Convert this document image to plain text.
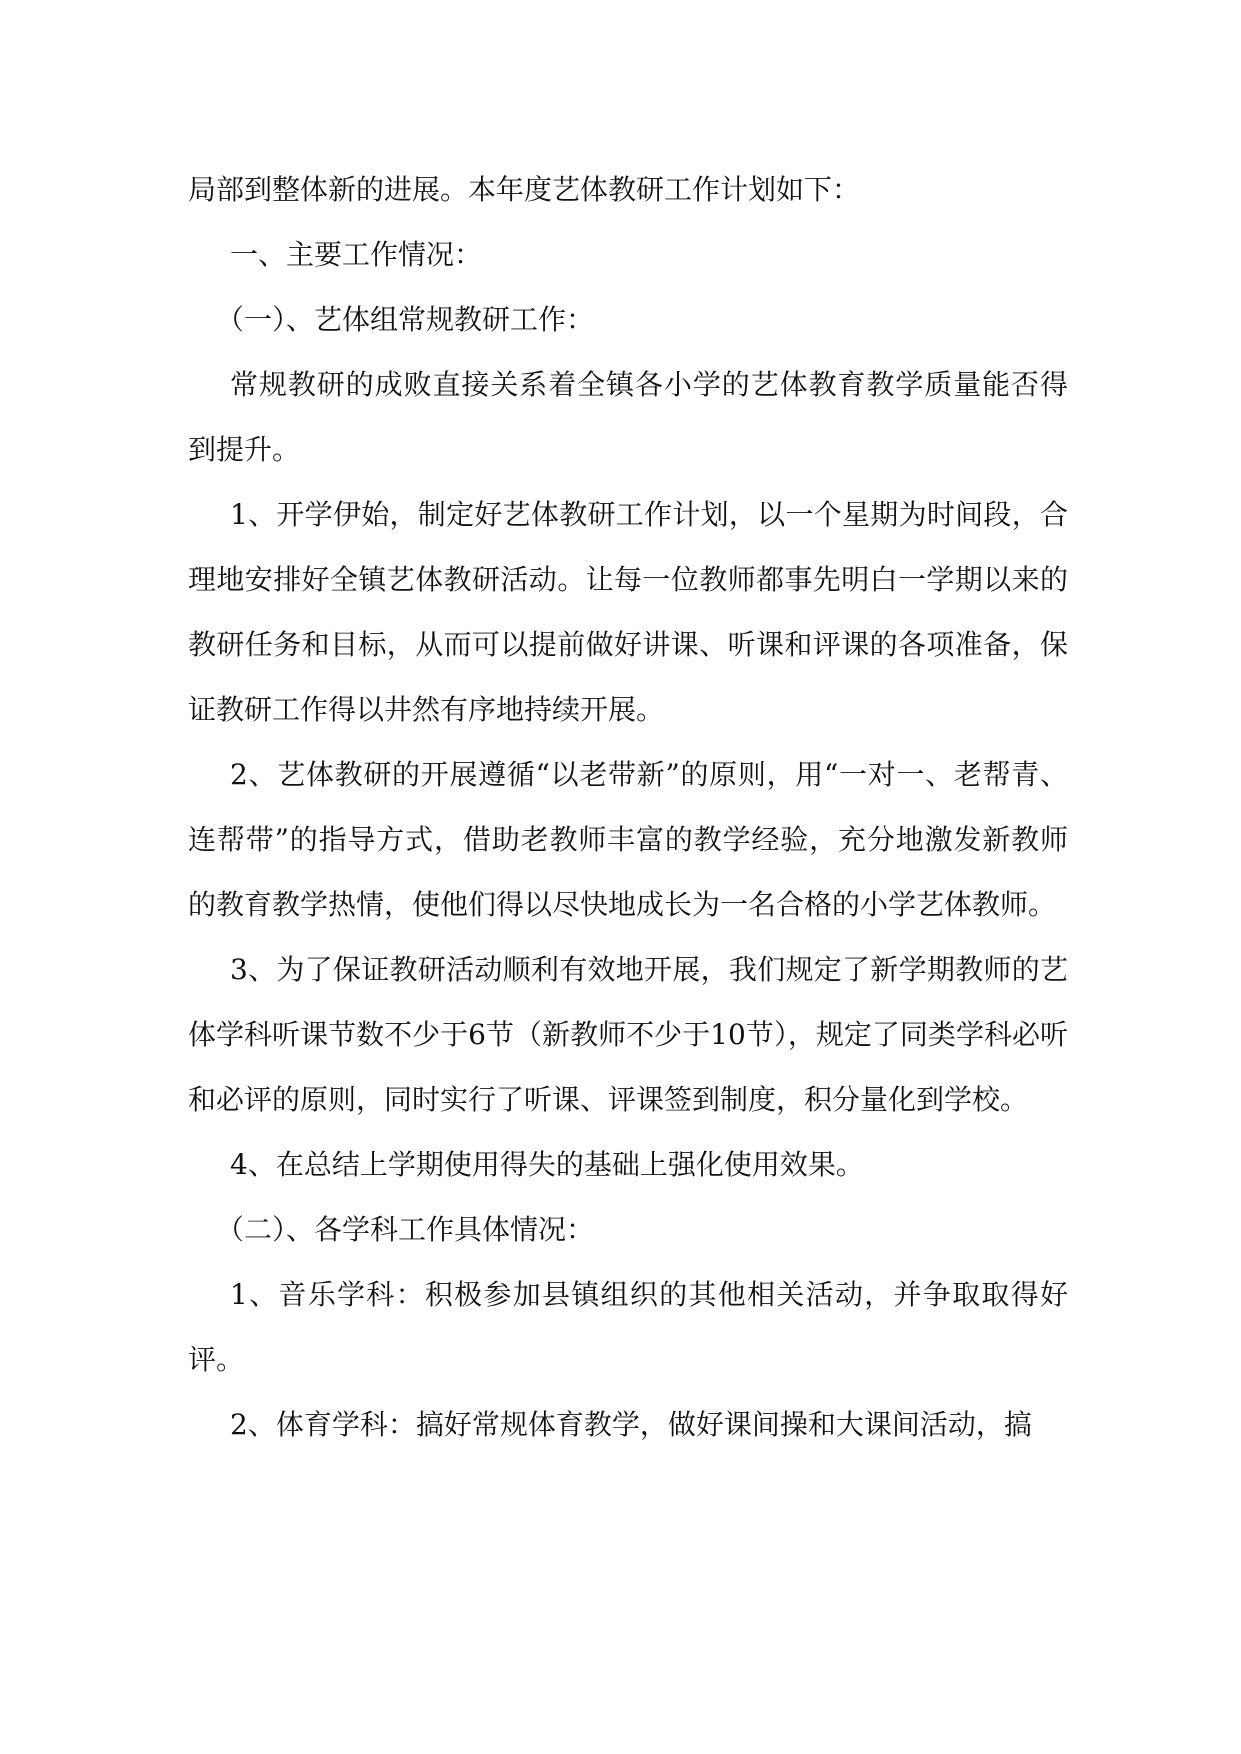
局部到整体新的进展。本年度艺体教研工作计划如下：

一、主要工作情况：

（一）、艺体组常规教研工作：

常规教研的成败直接关系着全镇各小学的艺体教育教学质量能否得到提升。

1、开学伊始，制定好艺体教研工作计划，以一个星期为时间段，合理地安排好全镇艺体教研活动。让每一位教师都事先明白一学期以来的教研任务和目标，从而可以提前做好讲课、听课和评课的各项准备，保证教研工作得以井然有序地持续开展。

2、艺体教研的开展遵循“以老带新”的原则，用“一对一、老帮青、连帮带”的指导方式，借助老教师丰富的教学经验，充分地激发新教师的教育教学热情，使他们得以尽快地成长为一名合格的小学艺体教师。

3、为了保证教研活动顺利有效地开展，我们规定了新学期教师的艺体学科听课节数不少于6节（新教师不少于10节），规定了同类学科必听和必评的原则，同时实行了听课、评课签到制度，积分量化到学校。

4、在总结上学期使用得失的基础上强化使用效果。

（二）、各学科工作具体情况：

1、音乐学科：积极参加县镇组织的其他相关活动，并争取取得好评。

2、体育学科：搞好常规体育教学，做好课间操和大课间活动，搞
